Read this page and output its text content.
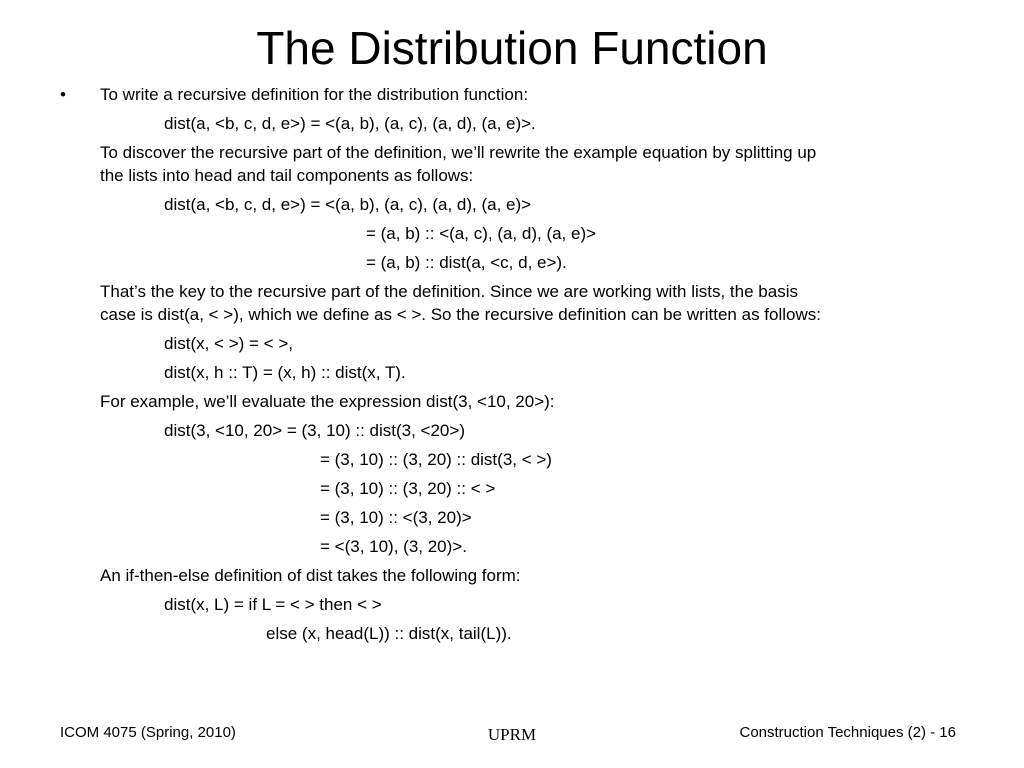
The Distribution Function
• To write a recursive definition for the distribution function:
dist(a, <b, c, d, e>) = <(a, b), (a, c), (a, d), (a, e)>.
To discover the recursive part of the definition, we’ll rewrite the example equation by splitting up
the lists into head and tail components as follows:
dist(a, <b, c, d, e>) = <(a, b), (a, c), (a, d), (a, e)>
= (a, b) :: <(a, c), (a, d), (a, e)>
= (a, b) :: dist(a, <c, d, e>).
That’s the key to the recursive part of the definition. Since we are working with lists, the basis
case is dist(a, < >), which we define as < >. So the recursive definition can be written as follows:
dist(x, < >) = < >,
dist(x, h :: T) = (x, h) :: dist(x, T).
For example, we’ll evaluate the expression dist(3, <10, 20>):
dist(3, <10, 20> = (3, 10) :: dist(3, <20>)
= (3, 10) :: (3, 20) :: dist(3, < >)
= (3, 10) :: (3, 20) :: < >
= (3, 10) :: <(3, 20)>
= <(3, 10), (3, 20)>.
An if-then-else definition of dist takes the following form:
dist(x, L) = if L = < > then < >
else (x, head(L)) :: dist(x, tail(L)).
ICOM 4075 (Spring, 2010)	UPRM	Construction Techniques (2) - 16
